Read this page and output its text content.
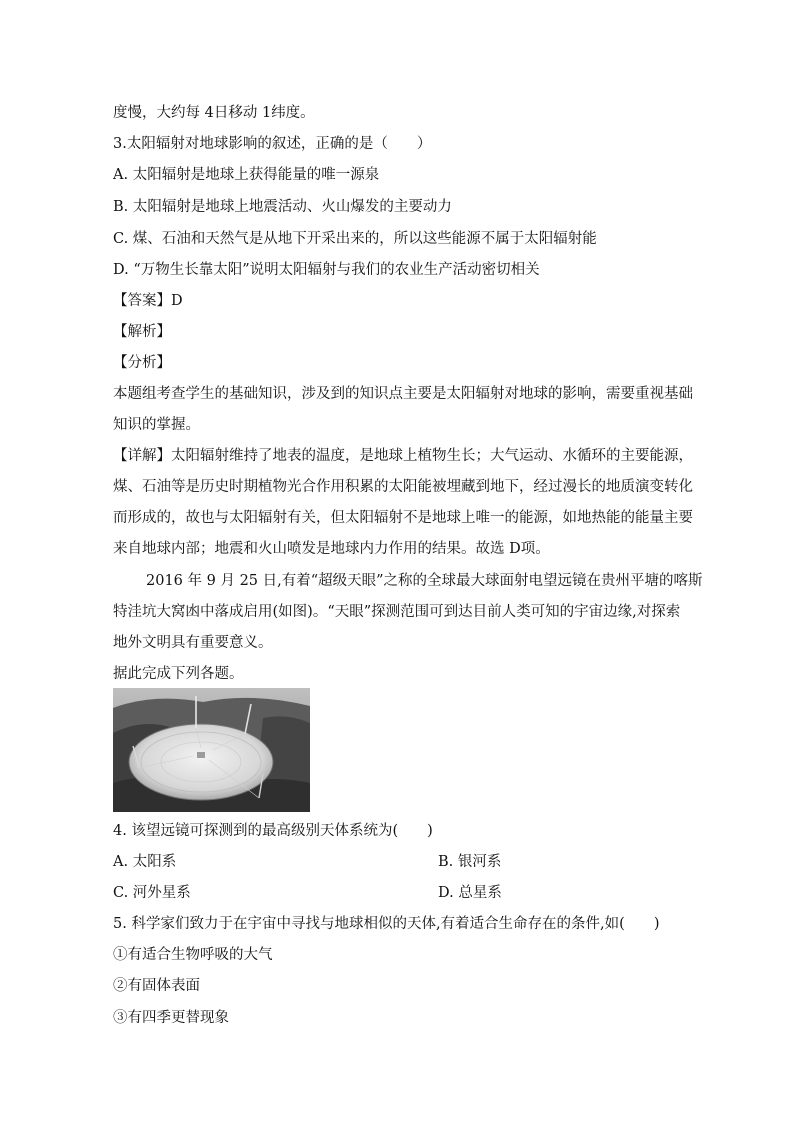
度慢，大约每 4日移动 1纬度。
3.太阳辐射对地球影响的叙述，正确的是（　　）
A. 太阳辐射是地球上获得能量的唯一源泉
B. 太阳辐射是地球上地震活动、火山爆发的主要动力
C. 煤、石油和天然气是从地下开采出来的，所以这些能源不属于太阳辐射能
D. “万物生长靠太阳”说明太阳辐射与我们的农业生产活动密切相关
【答案】D
【解析】
【分析】
本题组考查学生的基础知识，涉及到的知识点主要是太阳辐射对地球的影响，需要重视基础
知识的掌握。
【详解】太阳辐射维持了地表的温度，是地球上植物生长；大气运动、水循环的主要能源，
煤、石油等是历史时期植物光合作用积累的太阳能被埋藏到地下，经过漫长的地质演变转化
而形成的，故也与太阳辐射有关，但太阳辐射不是地球上唯一的能源，如地热能的能量主要
来自地球内部；地震和火山喷发是地球内力作用的结果。故选 D项。
2016 年 9 月 25 日,有着“超级天眼”之称的全球最大球面射电望远镜在贵州平塘的喀斯
特洼坑大窝凼中落成启用(如图)。“天眼”探测范围可到达目前人类可知的宇宙边缘,对探索
地外文明具有重要意义。
据此完成下列各题。
4. 该望远镜可探测到的最高级别天体系统为(　　)
A. 太阳系	B. 银河系
C. 河外星系	D. 总星系
5. 科学家们致力于在宇宙中寻找与地球相似的天体,有着适合生命存在的条件,如(　　)
①有适合生物呼吸的大气
②有固体表面
③有四季更替现象
